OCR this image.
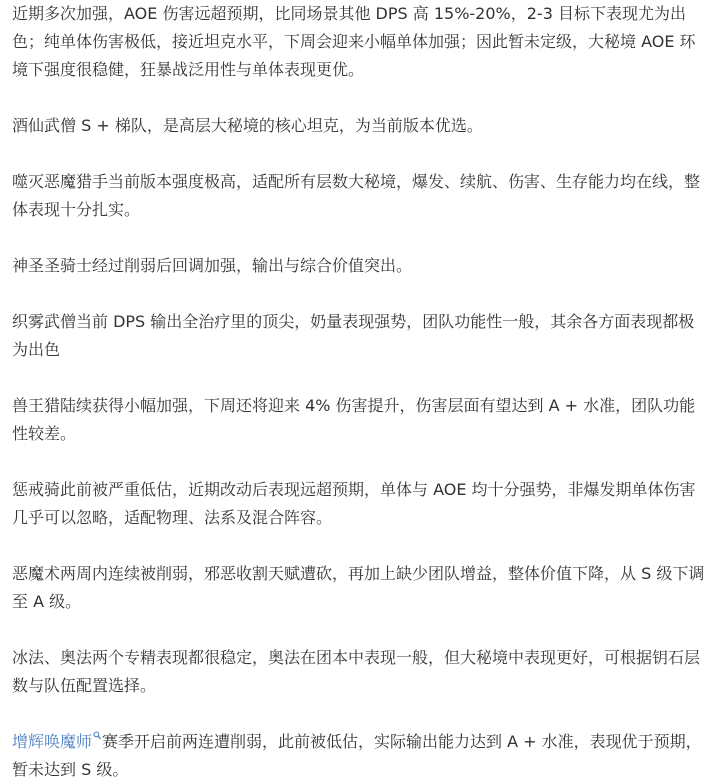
近期多次加强，AOE 伤害远超预期，比同场景其他 DPS 高 15%-20%，2-3 目标下表现尤为出色；纯单体伤害极低，接近坦克水平，下周会迎来小幅单体加强；因此暂未定级，大秘境 AOE 环境下强度很稳健，狂暴战泛用性与单体表现更优。

酒仙武僧 S + 梯队，是高层大秘境的核心坦克，为当前版本优选。

噬灭恶魔猎手当前版本强度极高，适配所有层数大秘境，爆发、续航、伤害、生存能力均在线，整体表现十分扎实。

神圣圣骑士经过削弱后回调加强，输出与综合价值突出。

织雾武僧当前 DPS 输出全治疗里的顶尖，奶量表现强势，团队功能性一般，其余各方面表现都极为出色

兽王猎陆续获得小幅加强，下周还将迎来 4% 伤害提升，伤害层面有望达到 A + 水准，团队功能性较差。

惩戒骑此前被严重低估，近期改动后表现远超预期，单体与 AOE 均十分强势，非爆发期单体伤害几乎可以忽略，适配物理、法系及混合阵容。

恶魔术两周内连续被削弱，邪恶收割天赋遭砍，再加上缺少团队增益，整体价值下降，从 S 级下调至 A 级。

冰法、奥法两个专精表现都很稳定，奥法在团本中表现一般，但大秘境中表现更好，可根据钥石层数与队伍配置选择。

增辉唤魔师 赛季开启前两连遭削弱，此前被低估，实际输出能力达到 A + 水准，表现优于预期，暂未达到 S 级。
